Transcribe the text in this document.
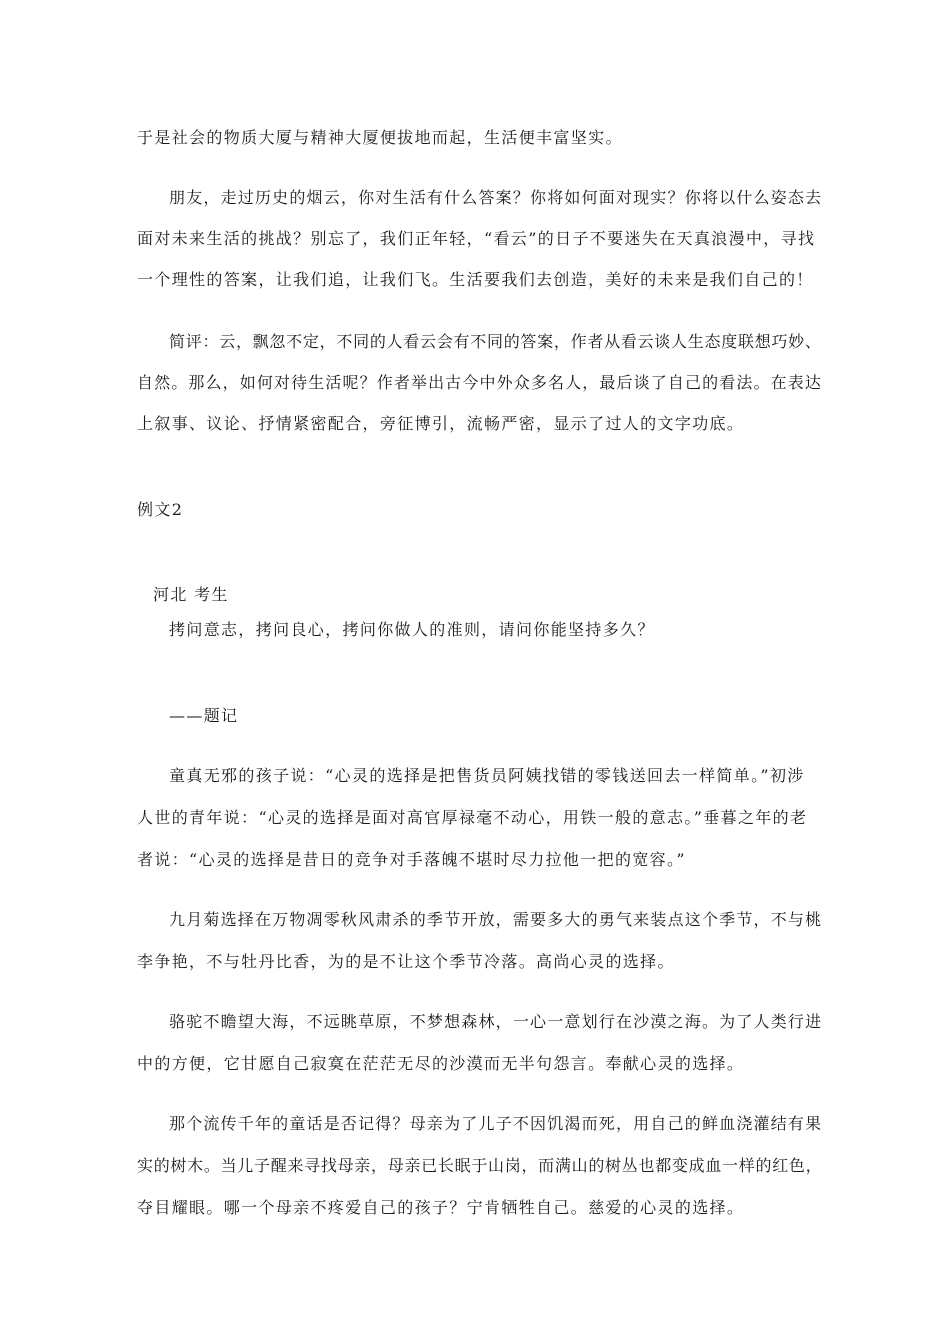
于是社会的物质大厦与精神大厦便拔地而起，生活便丰富坚实。
朋友，走过历史的烟云，你对生活有什么答案？你将如何面对现实？你将以什么姿态去
面对未来生活的挑战？别忘了，我们正年轻，“看云”的日子不要迷失在天真浪漫中，寻找
一个理性的答案，让我们追，让我们飞。生活要我们去创造，美好的未来是我们自己的！
简评：云，飘忽不定，不同的人看云会有不同的答案，作者从看云谈人生态度联想巧妙、
自然。那么，如何对待生活呢？作者举出古今中外众多名人，最后谈了自己的看法。在表达
上叙事、议论、抒情紧密配合，旁征博引，流畅严密，显示了过人的文字功底。
例文2
河北 考生
拷问意志，拷问良心，拷问你做人的准则，请问你能坚持多久？
——题记
童真无邪的孩子说：“心灵的选择是把售货员阿姨找错的零钱送回去一样简单。”初涉
人世的青年说：“心灵的选择是面对高官厚禄毫不动心，用铁一般的意志。”垂暮之年的老
者说：“心灵的选择是昔日的竞争对手落魄不堪时尽力拉他一把的宽容。”
九月菊选择在万物凋零秋风肃杀的季节开放，需要多大的勇气来装点这个季节，不与桃
李争艳，不与牡丹比香，为的是不让这个季节冷落。高尚心灵的选择。
骆驼不瞻望大海，不远眺草原，不梦想森林，一心一意划行在沙漠之海。为了人类行进
中的方便，它甘愿自己寂寞在茫茫无尽的沙漠而无半句怨言。奉献心灵的选择。
那个流传千年的童话是否记得？母亲为了儿子不因饥渴而死，用自己的鲜血浇灌结有果
实的树木。当儿子醒来寻找母亲，母亲已长眠于山岗，而满山的树丛也都变成血一样的红色，
夺目耀眼。哪一个母亲不疼爱自己的孩子？宁肯牺牲自己。慈爱的心灵的选择。
